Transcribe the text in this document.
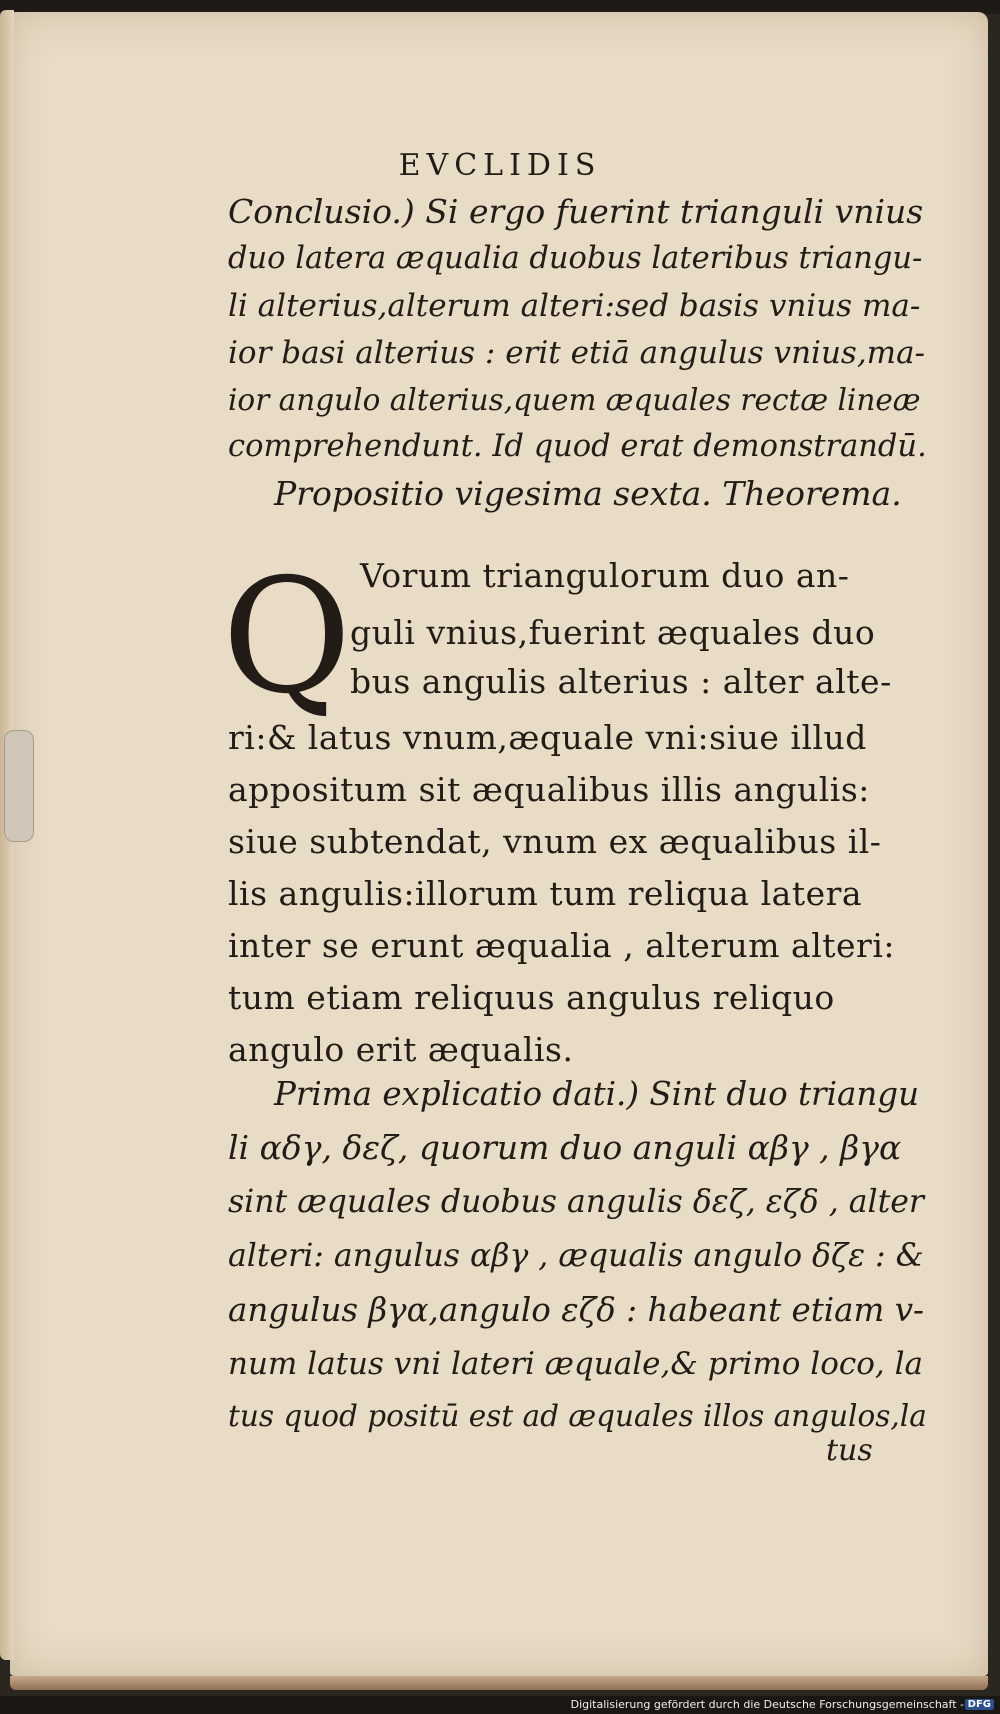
EVCLIDIS
Conclusio.) Si ergo fuerint trianguli vnius
duo latera æqualia duobus lateribus triangu-
li alterius,alterum alteri:sed basis vnius ma-
ior basi alterius : erit etiā angulus vnius,ma-
ior angulo alterius,quem æquales rectæ lineæ
comprehendunt. Id quod erat demonstrandū.
Propositio vigesima sexta. Theorema.
Q Vorum triangulorum duo an-
guli vnius,fuerint æquales duo
bus angulis alterius : alter alte-
ri:& latus vnum,æquale vni:siue illud
appositum sit æqualibus illis angulis:
siue subtendat, vnum ex æqualibus il-
lis angulis:illorum tum reliqua latera
inter se erunt æqualia , alterum alteri:
tum etiam reliquus angulus reliquo
angulo erit æqualis.
Prima explicatio dati.) Sint duo triangu
li αδγ, δεζ, quorum duo anguli αβγ , βγα
sint æquales duobus angulis δεζ, εζδ , alter
alteri: angulus αβγ , æqualis angulo δζε : &
angulus βγα,angulo εζδ : habeant etiam v-
num latus vni lateri æquale,& primo loco, la
tus quod positū est ad æquales illos angulos,la
tus
Digitalisierung gefördert durch die Deutsche Forschungsgemeinschaft - DFG
